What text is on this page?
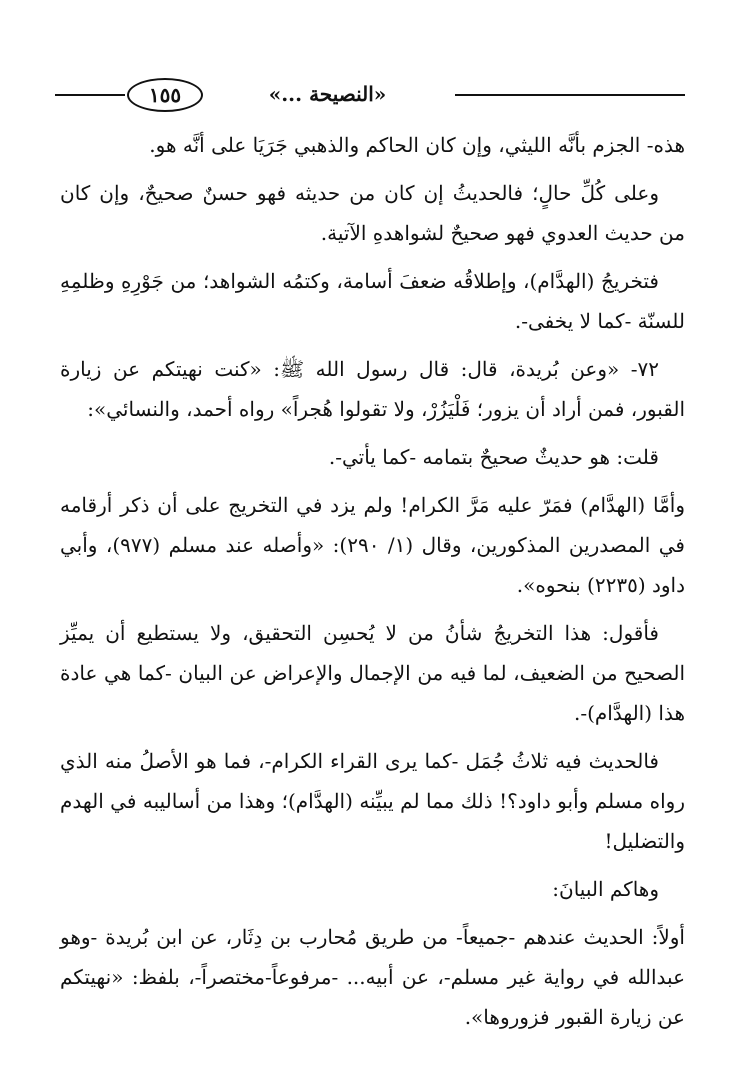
«النصيحة ...»
١٥٥

هذه- الجزم بأنَّه الليثي، وإن كان الحاكم والذهبي جَرَيَا على أنَّه هو.

وعلى كُلِّ حالٍ؛ فالحديثُ إن كان من حديثه فهو حسنٌ صحيحٌ، وإن كان من حديث العدوي فهو صحيحٌ لشواهدهِ الآتية.

فتخريجُ (الهدَّام)، وإطلاقُه ضعفَ أسامة، وكتمُه الشواهد؛ من جَوْرِهِ وظلمِهِ للسنّة -كما لا يخفى-.

٧٢- «وعن بُريدة، قال: قال رسول الله ﷺ: «كنت نهيتكم عن زيارة القبور، فمن أراد أن يزور؛ فَلْيَزُرْ، ولا تقولوا هُجراً» رواه أحمد، والنسائي»:

قلت: هو حديثٌ صحيحٌ بتمامه -كما يأتي-.

وأمَّا (الهدَّام) فمَرّ عليه مَرَّ الكرام! ولم يزد في التخريج على أن ذكر أرقامه في المصدرين المذكورين، وقال (١/ ٢٩٠): «وأصله عند مسلم (٩٧٧)، وأبي داود (٢٢٣٥) بنحوه».

فأقول: هذا التخريجُ شأنُ من لا يُحسِن التحقيق، ولا يستطيع أن يميِّز الصحيح من الضعيف، لما فيه من الإجمال والإعراض عن البيان -كما هي عادة هذا (الهدَّام)-.

فالحديث فيه ثلاثُ جُمَل -كما يرى القراء الكرام-، فما هو الأصلُ منه الذي رواه مسلم وأبو داود؟! ذلك مما لم يبيِّنه (الهدَّام)؛ وهذا من أساليبه في الهدم والتضليل!

وهاكم البيانَ:

أولاً: الحديث عندهم -جميعاً- من طريق مُحارب بن دِثَار، عن ابن بُريدة -وهو عبدالله في رواية غير مسلم-، عن أبيه... -مرفوعاً-مختصراً-، بلفظ: «نهيتكم عن زيارة القبور فزوروها».
